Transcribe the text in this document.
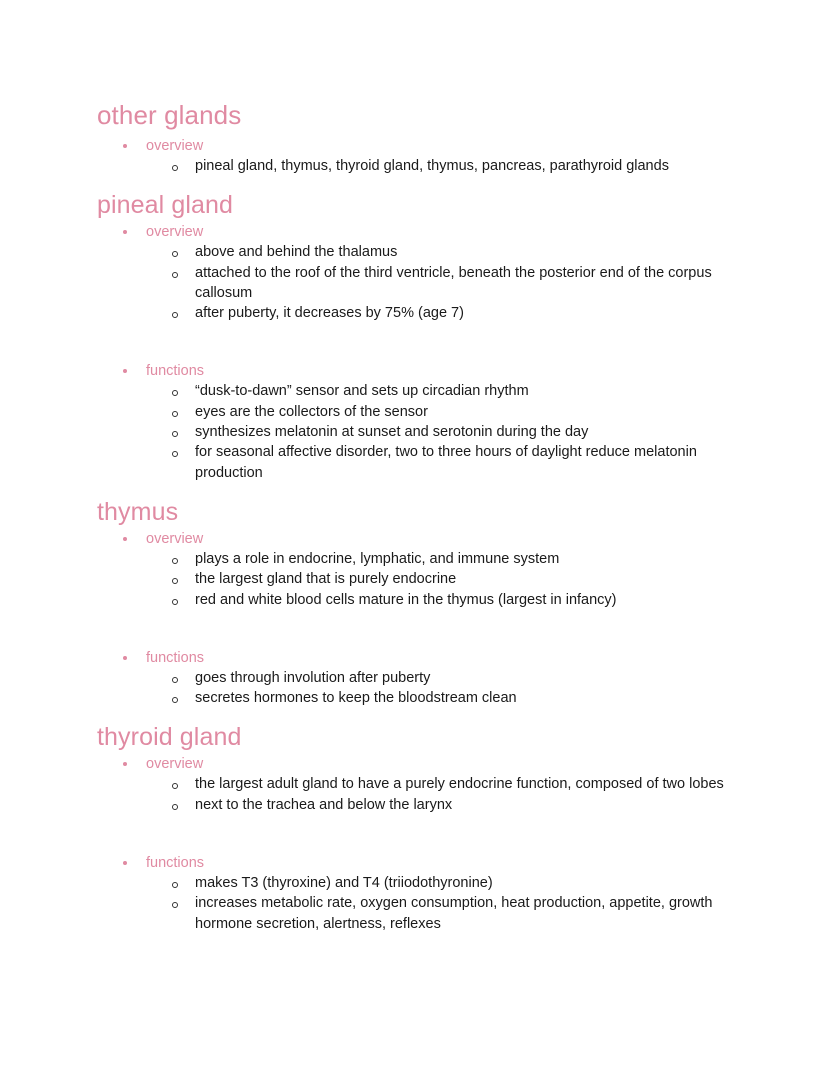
other glands
overview
pineal gland, thymus, thyroid gland, thymus, pancreas, parathyroid glands
pineal gland
overview
above and behind the thalamus
attached to the roof of the third ventricle, beneath the posterior end of the corpus callosum
after puberty, it decreases by 75% (age 7)
functions
“dusk-to-dawn” sensor and sets up circadian rhythm
eyes are the collectors of the sensor
synthesizes melatonin at sunset and serotonin during the day
for seasonal affective disorder, two to three hours of daylight reduce melatonin production
thymus
overview
plays a role in endocrine, lymphatic, and immune system
the largest gland that is purely endocrine
red and white blood cells mature in the thymus (largest in infancy)
functions
goes through involution after puberty
secretes hormones to keep the bloodstream clean
thyroid gland
overview
the largest adult gland to have a purely endocrine function, composed of two lobes
next to the trachea and below the larynx
functions
makes T3 (thyroxine) and T4 (triiodothyronine)
increases metabolic rate, oxygen consumption, heat production, appetite, growth hormone secretion, alertness, reflexes
